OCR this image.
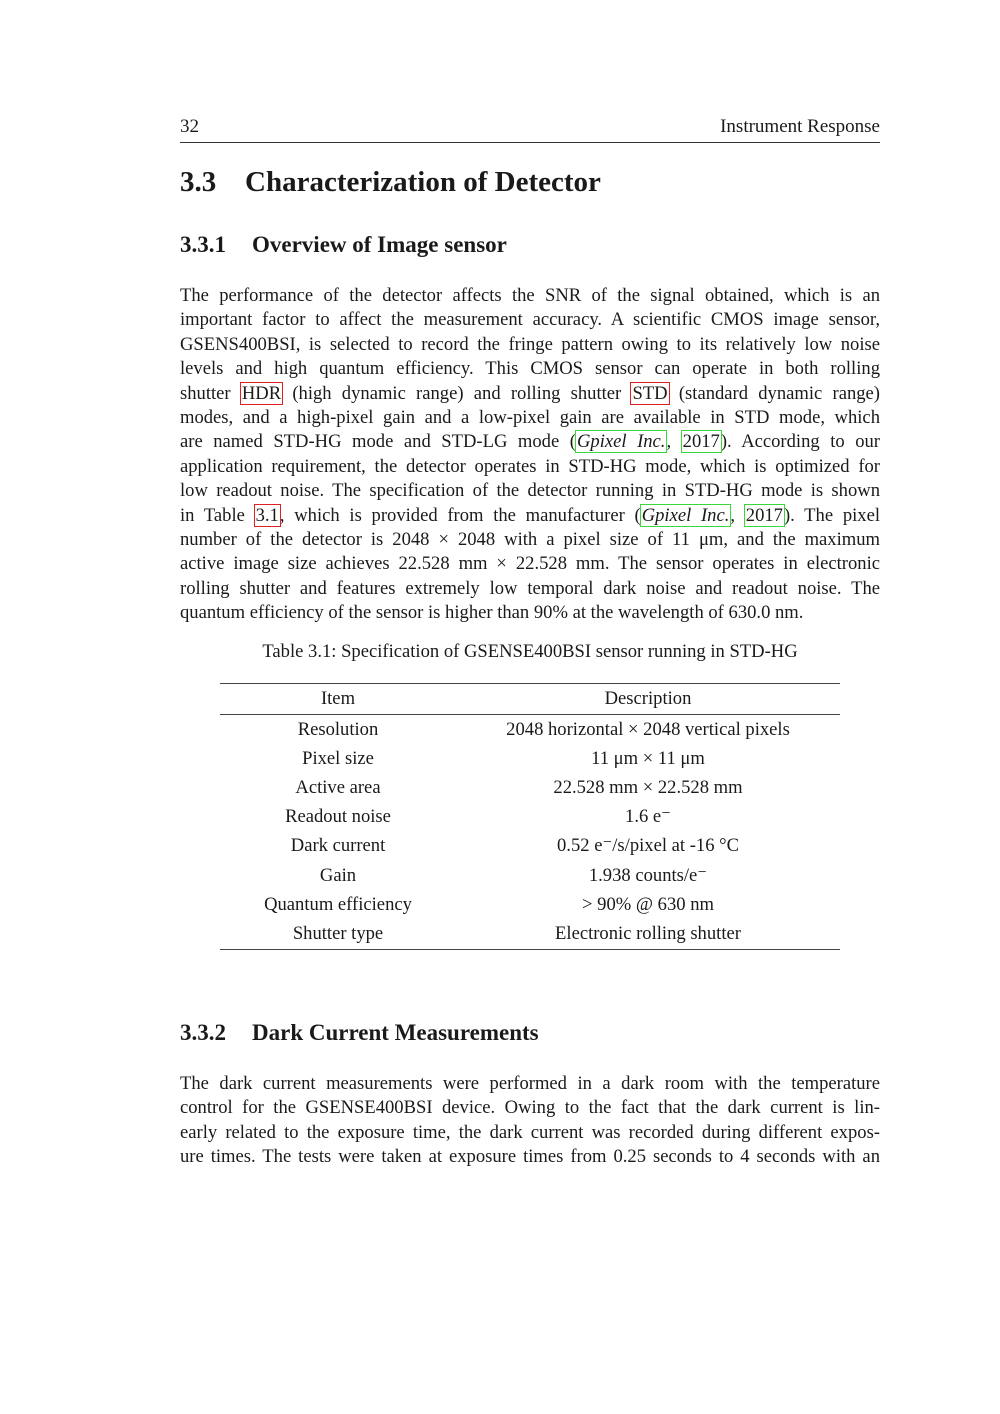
32	Instrument Response
3.3 Characterization of Detector
3.3.1 Overview of Image sensor
The performance of the detector affects the SNR of the signal obtained, which is an
important factor to affect the measurement accuracy. A scientific CMOS image sensor,
GSENS400BSI, is selected to record the fringe pattern owing to its relatively low noise
levels and high quantum efficiency. This CMOS sensor can operate in both rolling
shutter HDR (high dynamic range) and rolling shutter STD (standard dynamic range)
modes, and a high-pixel gain and a low-pixel gain are available in STD mode, which
are named STD-HG mode and STD-LG mode (Gpixel Inc., 2017). According to our
application requirement, the detector operates in STD-HG mode, which is optimized for
low readout noise. The specification of the detector running in STD-HG mode is shown
in Table 3.1, which is provided from the manufacturer (Gpixel Inc., 2017). The pixel
number of the detector is 2048 × 2048 with a pixel size of 11 μm, and the maximum
active image size achieves 22.528 mm × 22.528 mm. The sensor operates in electronic
rolling shutter and features extremely low temporal dark noise and readout noise. The
quantum efficiency of the sensor is higher than 90% at the wavelength of 630.0 nm.
Table 3.1: Specification of GSENSE400BSI sensor running in STD-HG
Item	Description
Resolution	2048 horizontal × 2048 vertical pixels
Pixel size	11 μm × 11 μm
Active area	22.528 mm × 22.528 mm
Readout noise	1.6 e⁻
Dark current	0.52 e⁻/s/pixel at -16 °C
Gain	1.938 counts/e⁻
Quantum efficiency	> 90% @ 630 nm
Shutter type	Electronic rolling shutter
3.3.2 Dark Current Measurements
The dark current measurements were performed in a dark room with the temperature
control for the GSENSE400BSI device. Owing to the fact that the dark current is lin-
early related to the exposure time, the dark current was recorded during different expos-
ure times. The tests were taken at exposure times from 0.25 seconds to 4 seconds with an
